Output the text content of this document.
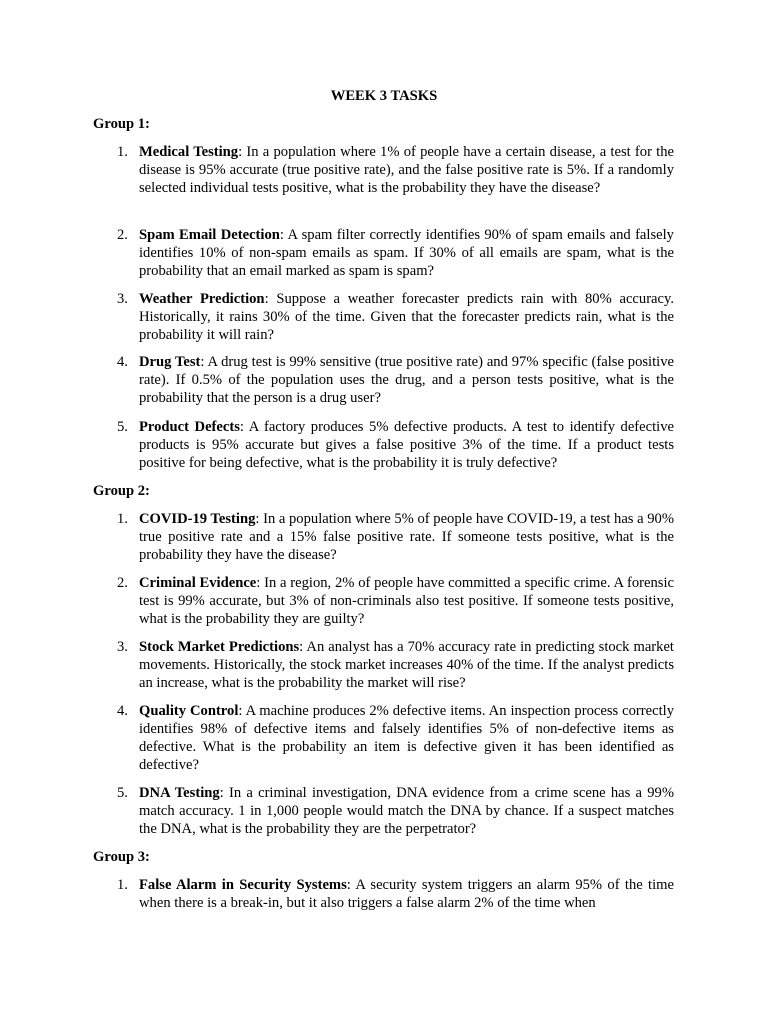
WEEK 3 TASKS

Group 1:

1. Medical Testing: In a population where 1% of people have a certain disease, a test for the disease is 95% accurate (true positive rate), and the false positive rate is 5%. If a randomly selected individual tests positive, what is the probability they have the disease?
2. Spam Email Detection: A spam filter correctly identifies 90% of spam emails and falsely identifies 10% of non-spam emails as spam. If 30% of all emails are spam, what is the probability that an email marked as spam is spam?
3. Weather Prediction: Suppose a weather forecaster predicts rain with 80% accuracy. Historically, it rains 30% of the time. Given that the forecaster predicts rain, what is the probability it will rain?
4. Drug Test: A drug test is 99% sensitive (true positive rate) and 97% specific (false positive rate). If 0.5% of the population uses the drug, and a person tests positive, what is the probability that the person is a drug user?
5. Product Defects: A factory produces 5% defective products. A test to identify defective products is 95% accurate but gives a false positive 3% of the time. If a product tests positive for being defective, what is the probability it is truly defective?

Group 2:

1. COVID-19 Testing: In a population where 5% of people have COVID-19, a test has a 90% true positive rate and a 15% false positive rate. If someone tests positive, what is the probability they have the disease?
2. Criminal Evidence: In a region, 2% of people have committed a specific crime. A forensic test is 99% accurate, but 3% of non-criminals also test positive. If someone tests positive, what is the probability they are guilty?
3. Stock Market Predictions: An analyst has a 70% accuracy rate in predicting stock market movements. Historically, the stock market increases 40% of the time. If the analyst predicts an increase, what is the probability the market will rise?
4. Quality Control: A machine produces 2% defective items. An inspection process correctly identifies 98% of defective items and falsely identifies 5% of non-defective items as defective. What is the probability an item is defective given it has been identified as defective?
5. DNA Testing: In a criminal investigation, DNA evidence from a crime scene has a 99% match accuracy. 1 in 1,000 people would match the DNA by chance. If a suspect matches the DNA, what is the probability they are the perpetrator?

Group 3:

1. False Alarm in Security Systems: A security system triggers an alarm 95% of the time when there is a break-in, but it also triggers a false alarm 2% of the time when
